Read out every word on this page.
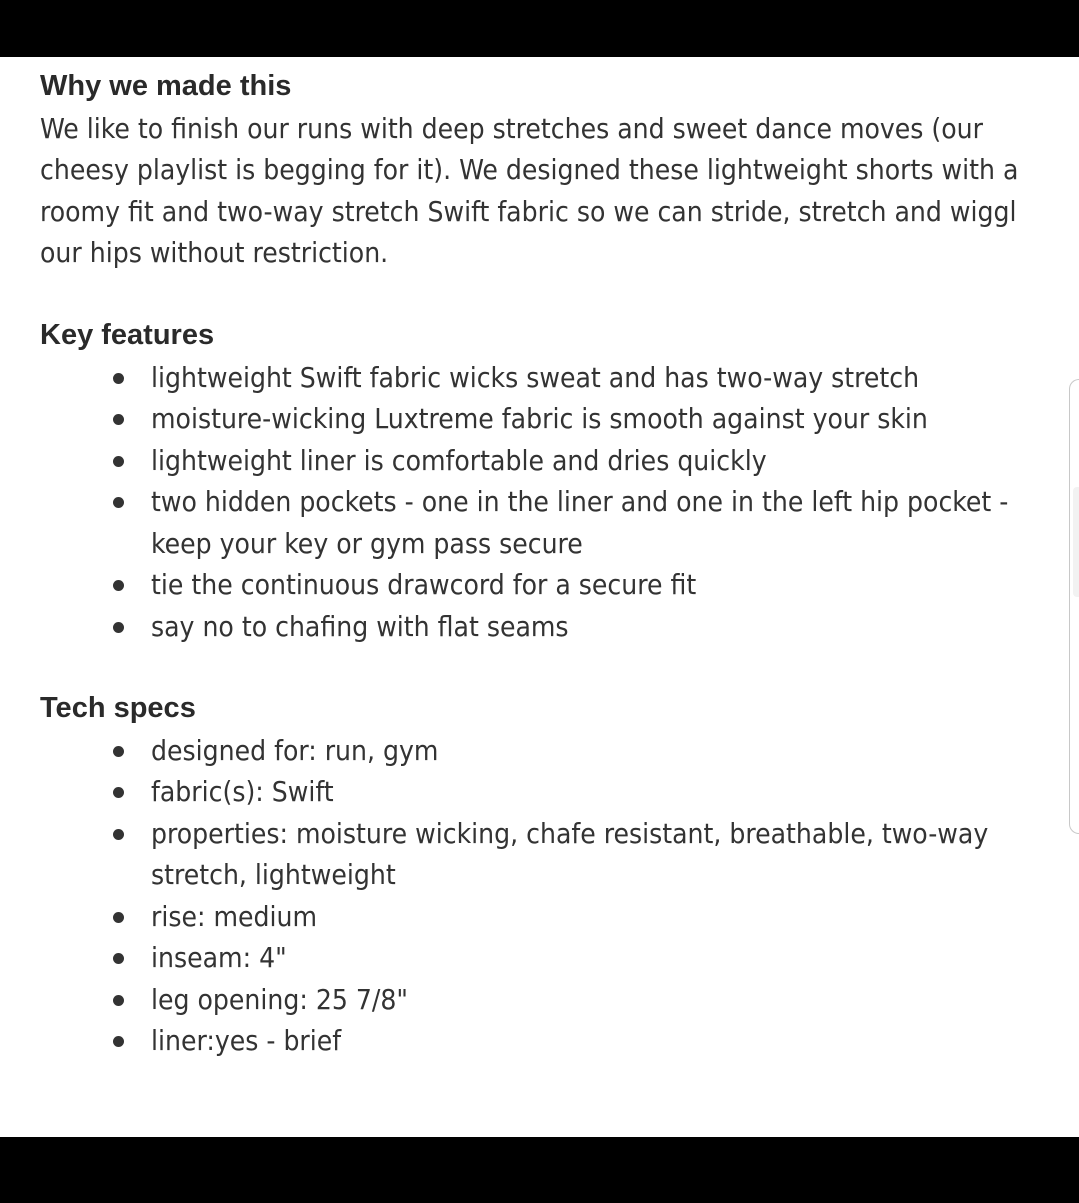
Why we made this

We like to finish our runs with deep stretches and sweet dance moves (our
cheesy playlist is begging for it). We designed these lightweight shorts with a
roomy fit and two-way stretch Swift fabric so we can stride, stretch and wiggl
our hips without restriction.

Key features
lightweight Swift fabric wicks sweat and has two-way stretch
moisture-wicking Luxtreme fabric is smooth against your skin
lightweight liner is comfortable and dries quickly
two hidden pockets - one in the liner and one in the left hip pocket -
keep your key or gym pass secure
tie the continuous drawcord for a secure fit
say no to chafing with flat seams
Tech specs
designed for: run, gym
fabric(s): Swift
properties: moisture wicking, chafe resistant, breathable, two-way
stretch, lightweight
rise: medium
inseam: 4"
leg opening: 25 7/8"
liner:yes - brief
